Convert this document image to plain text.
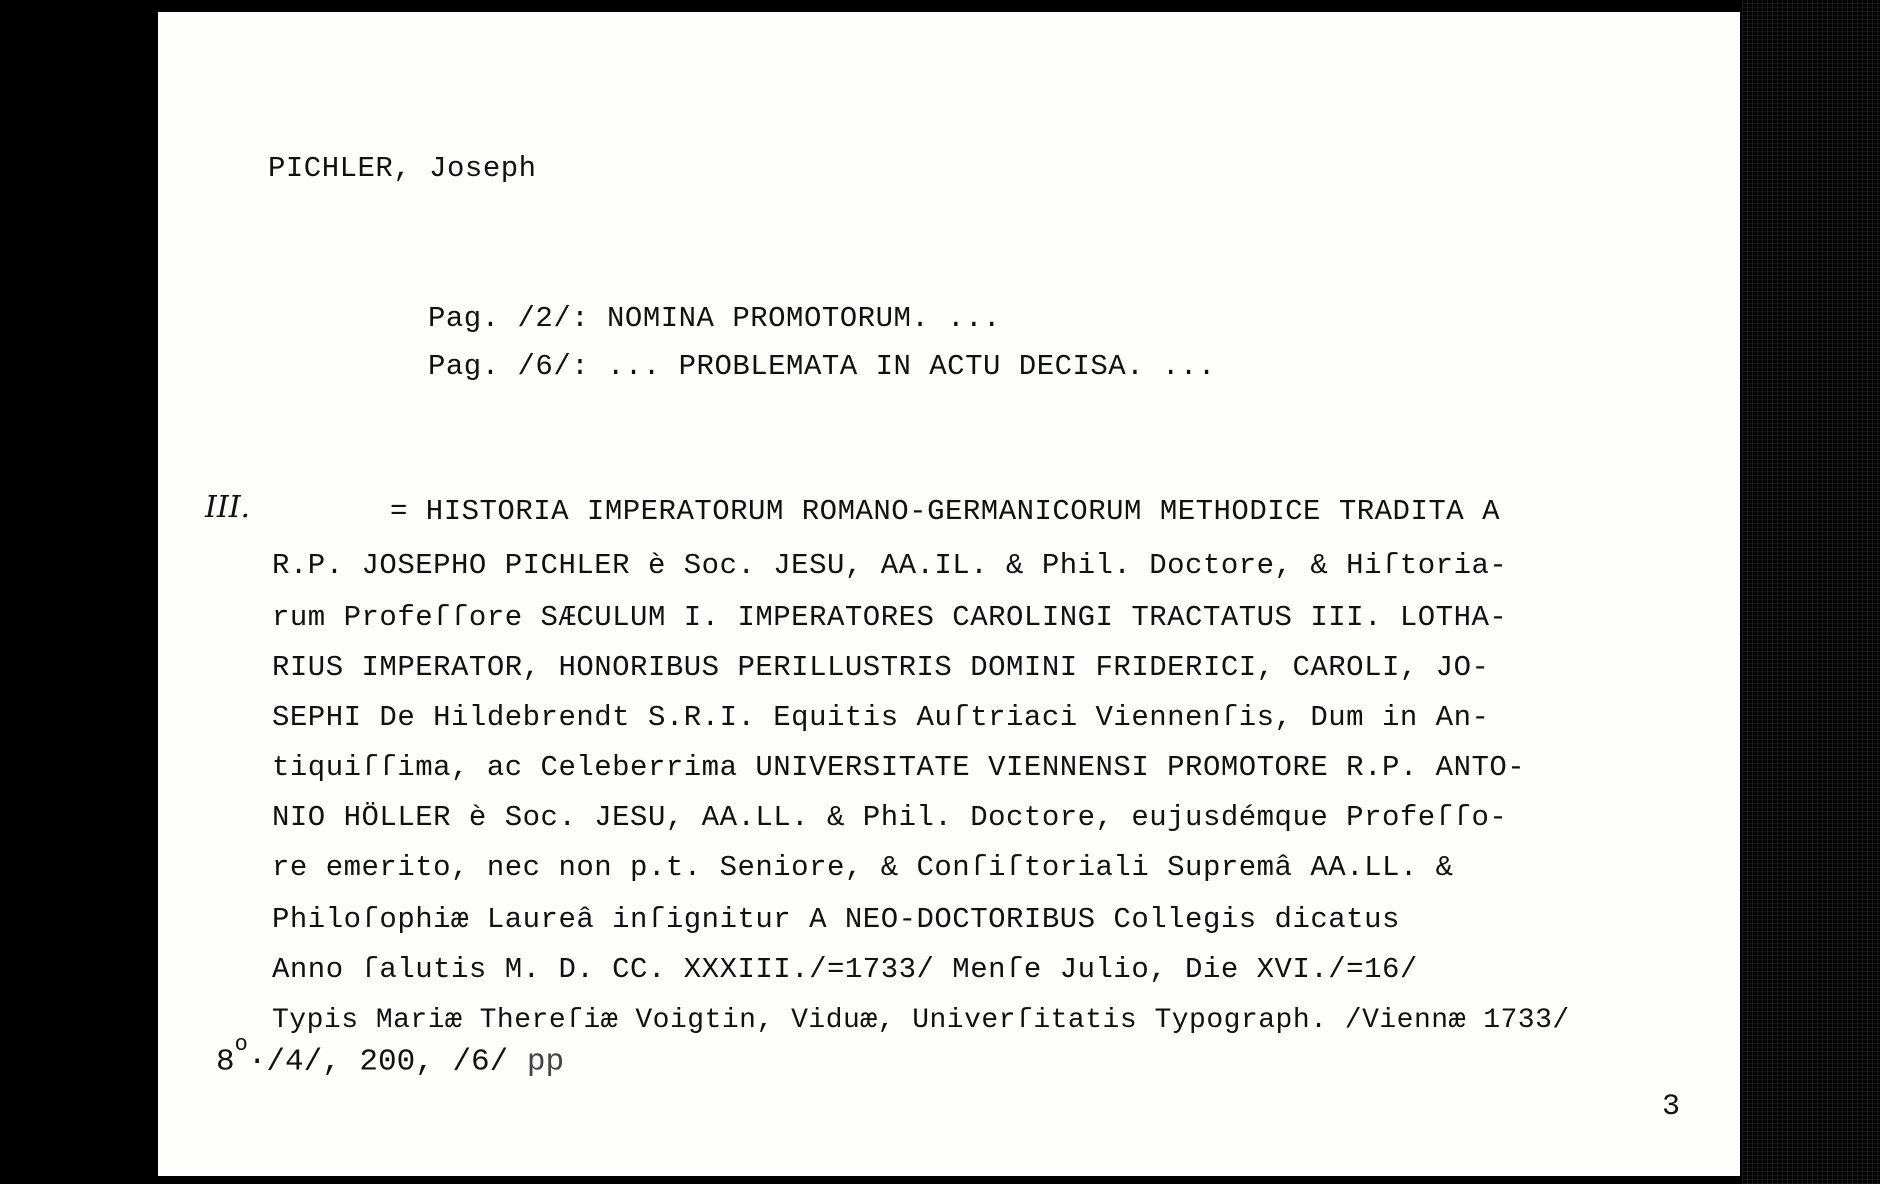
PICHLER, Joseph
Pag. /2/: NOMINA PROMOTORUM. ...
Pag. /6/: ... PROBLEMATA IN ACTU DECISA. ...
III.	= HISTORIA IMPERATORUM ROMANO-GERMANICORUM METHODICE TRADITA A
R.P. JOSEPHO PICHLER è Soc. JESU, AA.IL. & Phil. Doctore, & Hiſtoria-
rum Profeſſore SÆCULUM I. IMPERATORES CAROLINGI TRACTATUS III. LOTHA-
RIUS IMPERATOR, HONORIBUS PERILLUSTRIS DOMINI FRIDERICI, CAROLI, JO-
SEPHI De Hildebrendt S.R.I. Equitis Auſtriaci Viennenſis, Dum in An-
tiquiſſima, ac Celeberrima UNIVERSITATE VIENNENSI PROMOTORE R.P. ANTO-
NIO HÖLLER è Soc. JESU, AA.LL. & Phil. Doctore, eujusdémque Profeſſo-
re emerito, nec non p.t. Seniore, & Conſiſtoriali Supremâ AA.LL. &
Philoſophiæ Laureâ inſignitur A NEO-DOCTORIBUS Collegis dicatus
Anno ſalutis M. D. CC. XXXIII./=1733/ Menſe Julio, Die XVI./=16/
Typis Mariæ Thereſiæ Voigtin, Viduæ, Univerſitatis Typograph. /Viennæ 1733/
$8^o\cdot/4/$, 200, /6/ pp
3
